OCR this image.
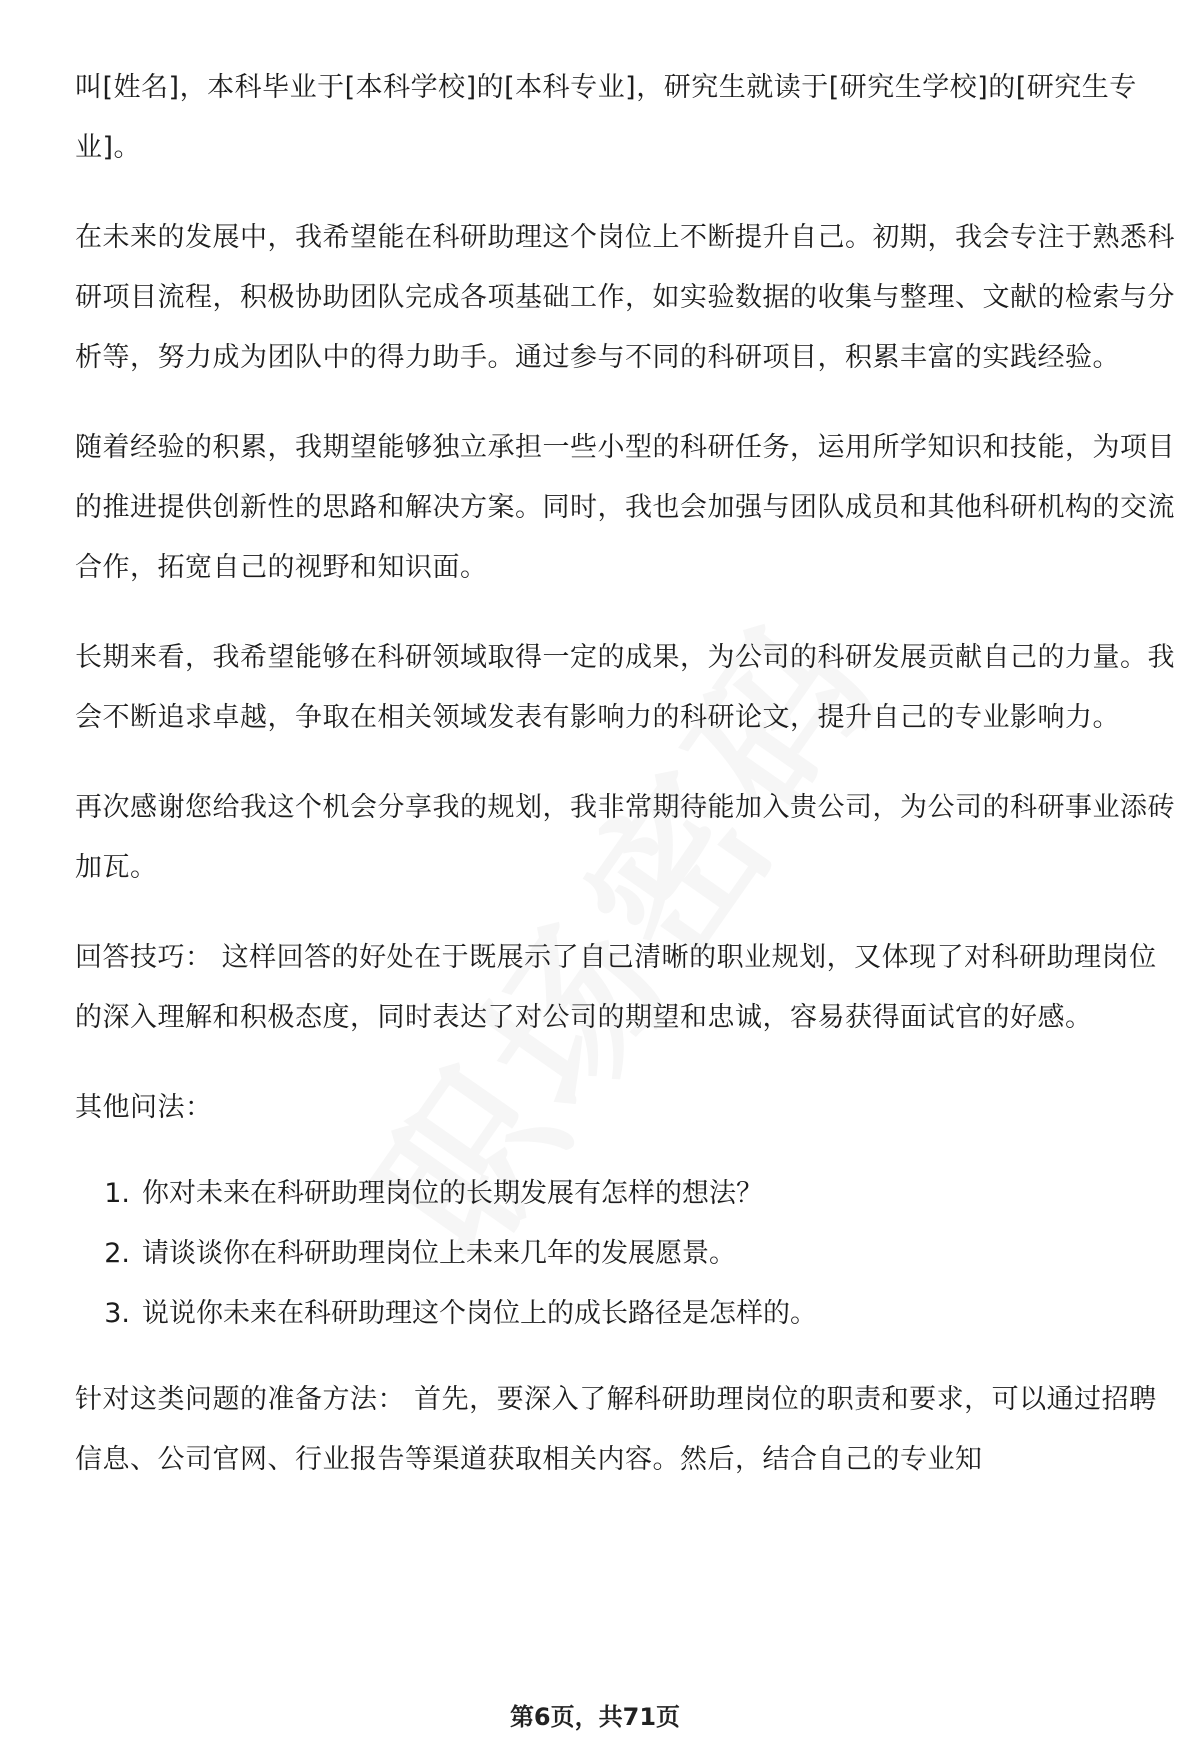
叫[姓名]，本科毕业于[本科学校]的[本科专业]，研究生就读于[研究生学校]的[研究生专业]。

在未来的发展中，我希望能在科研助理这个岗位上不断提升自己。初期，我会专注于熟悉科研项目流程，积极协助团队完成各项基础工作，如实验数据的收集与整理、文献的检索与分析等，努力成为团队中的得力助手。通过参与不同的科研项目，积累丰富的实践经验。

随着经验的积累，我期望能够独立承担一些小型的科研任务，运用所学知识和技能，为项目的推进提供创新性的思路和解决方案。同时，我也会加强与团队成员和其他科研机构的交流合作，拓宽自己的视野和知识面。

长期来看，我希望能够在科研领域取得一定的成果，为公司的科研发展贡献自己的力量。我会不断追求卓越，争取在相关领域发表有影响力的科研论文，提升自己的专业影响力。

再次感谢您给我这个机会分享我的规划，我非常期待能加入贵公司，为公司的科研事业添砖加瓦。

回答技巧： 这样回答的好处在于既展示了自己清晰的职业规划，又体现了对科研助理岗位的深入理解和积极态度，同时表达了对公司的期望和忠诚，容易获得面试官的好感。

其他问法：

1. 你对未来在科研助理岗位的长期发展有怎样的想法？
2. 请谈谈你在科研助理岗位上未来几年的发展愿景。
3. 说说你未来在科研助理这个岗位上的成长路径是怎样的。

针对这类问题的准备方法： 首先，要深入了解科研助理岗位的职责和要求，可以通过招聘信息、公司官网、行业报告等渠道获取相关内容。然后，结合自己的专业知

第6页，共71页
